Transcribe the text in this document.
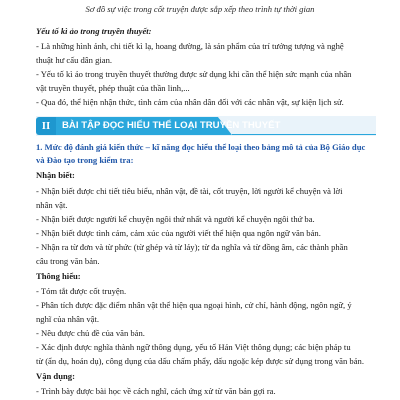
Sơ đồ sự việc trong cốt truyện được sắp xếp theo trình tự thời gian

Yếu tố kì ảo trong truyền thuyết:

- Là những hình ảnh, chi tiết kì lạ, hoang đường, là sản phẩm của trí tưởng tượng và nghệ

thuật hư cấu dân gian.

- Yếu tố kì ảo trong truyền thuyết thường được sử dụng khi cần thể hiện sức mạnh của nhân

vật truyền thuyết, phép thuật của thần linh,...

- Qua đó, thể hiện nhận thức, tình cảm của nhân dân đối với các nhân vật, sự kiện lịch sử.

II	BÀI TẬP ĐỌC HIỂU THỂ LOẠI TRUYỀN THUYẾT

1. Mức độ đánh giá kiến thức – kĩ năng đọc hiểu thể loại theo bảng mô tả của Bộ Giáo dục

và Đào tạo trong kiểm tra:

Nhận biết:

- Nhận biết được chi tiết tiêu biểu, nhân vật, đề tài, cốt truyện, lời người kể chuyện và lời

nhân vật.

- Nhận biết được người kể chuyện ngôi thứ nhất và người kể chuyện ngôi thứ ba.

- Nhận biết được tình cảm, cảm xúc của người viết thể hiện qua ngôn ngữ văn bản.

- Nhận ra từ đơn và từ phức (từ ghép và từ láy); từ đa nghĩa và từ đồng âm, các thành phần

câu trong văn bản.

Thông hiểu:

- Tóm tắt được cốt truyện.

- Phân tích được đặc điểm nhân vật thể hiện qua ngoại hình, cử chỉ, hành động, ngôn ngữ, ý

nghĩ của nhân vật.

- Nêu được chủ đề của văn bản.

- Xác định được nghĩa thành ngữ thông dụng, yếu tố Hán Việt thông dụng; các biện pháp tu

từ (ẩn dụ, hoán dụ), công dụng của dấu chấm phẩy, dấu ngoặc kép được sử dụng trong văn bản.

Vận dụng:

- Trình bày được bài học về cách nghĩ, cách ứng xử từ văn bản gợi ra.
